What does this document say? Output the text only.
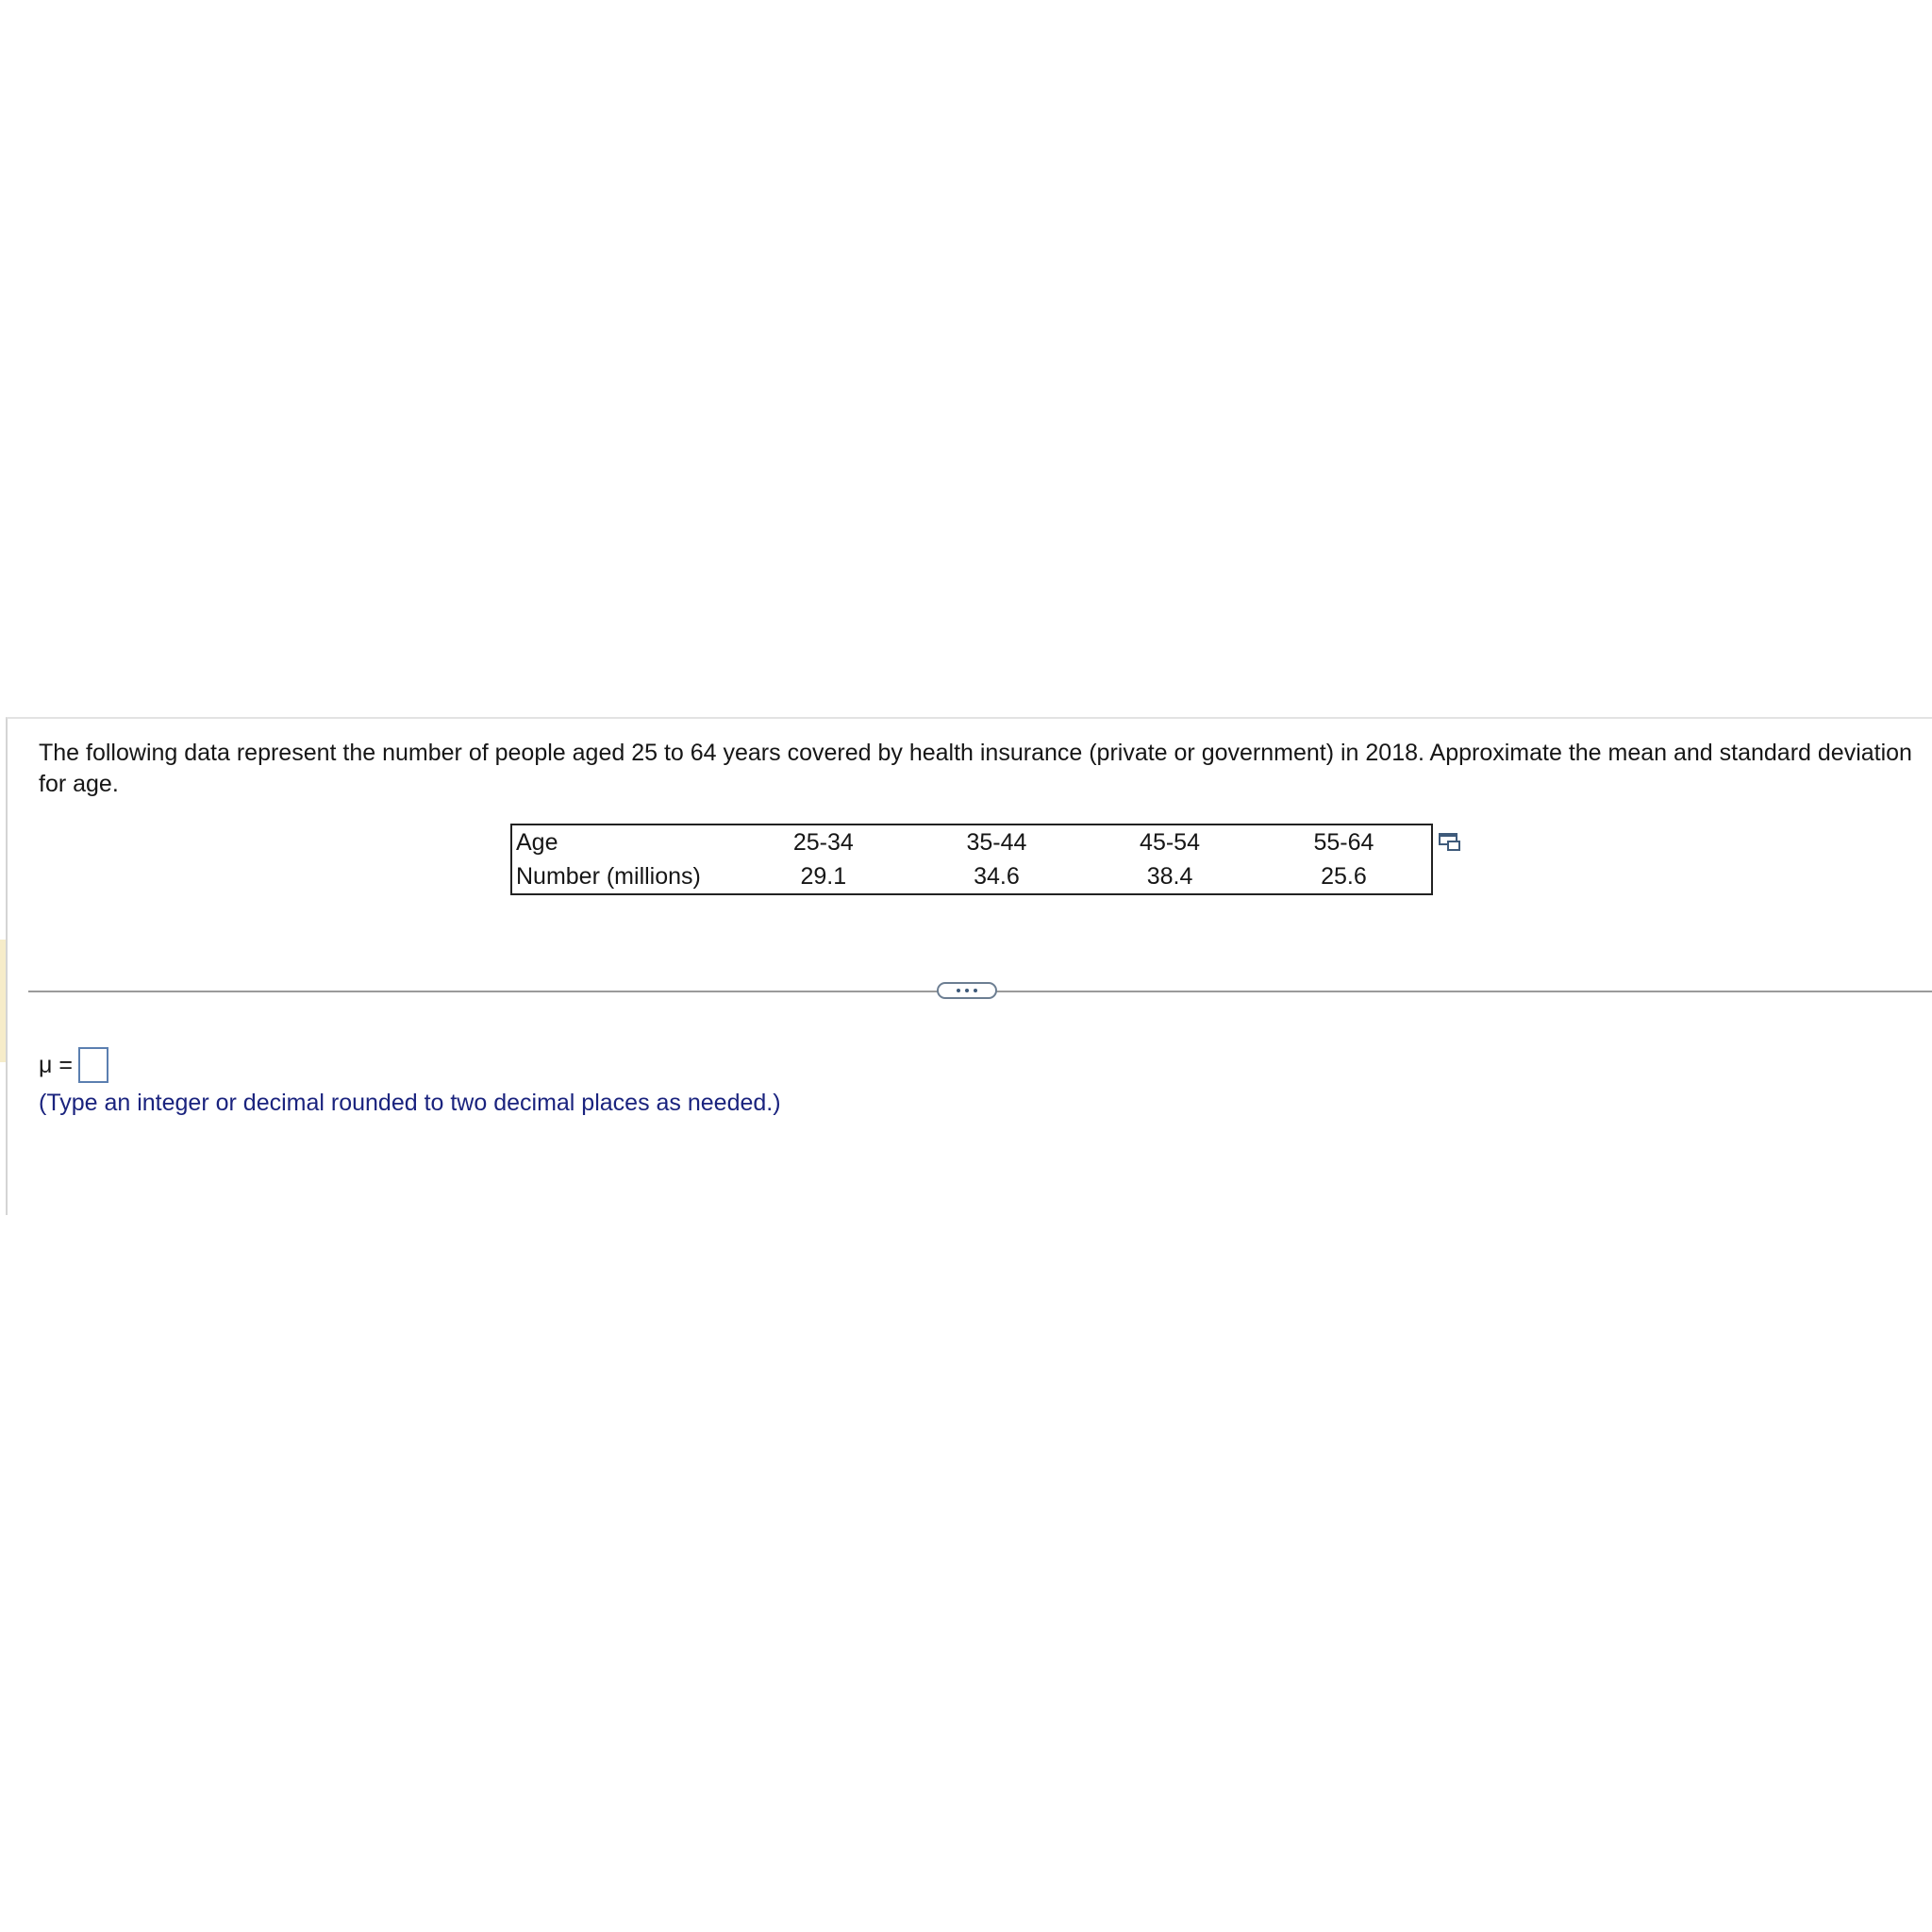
The following data represent the number of people aged 25 to 64 years covered by health insurance (private or government) in 2018. Approximate the mean and standard deviation for age.
Age	25-34	35-44	45-54	55-64
Number (millions)	29.1	34.6	38.4	25.6
μ =
(Type an integer or decimal rounded to two decimal places as needed.)
